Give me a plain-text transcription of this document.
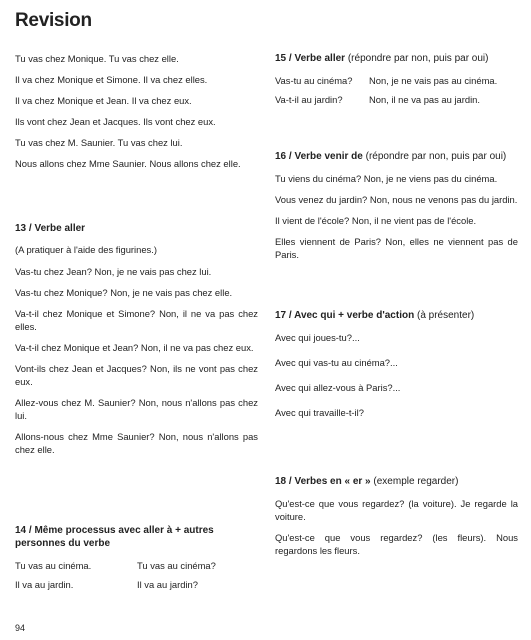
Revision

Tu vas chez Monique. Tu vas chez elle.

Il va chez Monique et Simone. Il va chez elles.

Il va chez Monique et Jean. Il va chez eux.

Ils vont chez Jean et Jacques. Ils vont chez eux.

Tu vas chez M. Saunier. Tu vas chez lui.

Nous allons chez Mme Saunier. Nous allons chez elle.

13 / Verbe aller

(A pratiquer à l'aide des figurines.)

Vas-tu chez Jean? Non, je ne vais pas chez lui.

Vas-tu chez Monique? Non, je ne vais pas chez elle.

Va-t-il chez Monique et Simone? Non, il ne va pas chez elles.

Va-t-il chez Monique et Jean? Non, il ne va pas chez eux.

Vont-ils chez Jean et Jacques? Non, ils ne vont pas chez eux.

Allez-vous chez M. Saunier? Non, nous n'allons pas chez lui.

Allons-nous chez Mme Saunier? Non, nous n'allons pas chez elle.

14 / Même processus avec aller à + autres personnes du verbe
Tu vas au cinéma.	Tu vas au cinéma?
Il va au jardin.	Il va au jardin?
15 / Verbe aller (répondre par non, puis par oui)
Vas-tu au cinéma?	Non, je ne vais pas au cinéma.
Va-t-il au jardin?	Non, il ne va pas au jardin.
16 / Verbe venir de (répondre par non, puis par oui)

Tu viens du cinéma? Non, je ne viens pas du cinéma.

Vous venez du jardin? Non, nous ne venons pas du jardin.

Il vient de l'école? Non, il ne vient pas de l'école.

Elles viennent de Paris? Non, elles ne viennent pas de Paris.

17 / Avec qui + verbe d'action (à présenter)

Avec qui joues-tu?...

Avec qui vas-tu au cinéma?...

Avec qui allez-vous à Paris?...

Avec qui travaille-t-il?

18 / Verbes en « er » (exemple regarder)

Qu'est-ce que vous regardez? (la voiture). Je regarde la voiture.

Qu'est-ce que vous regardez? (les fleurs). Nous regardons les fleurs.

94
